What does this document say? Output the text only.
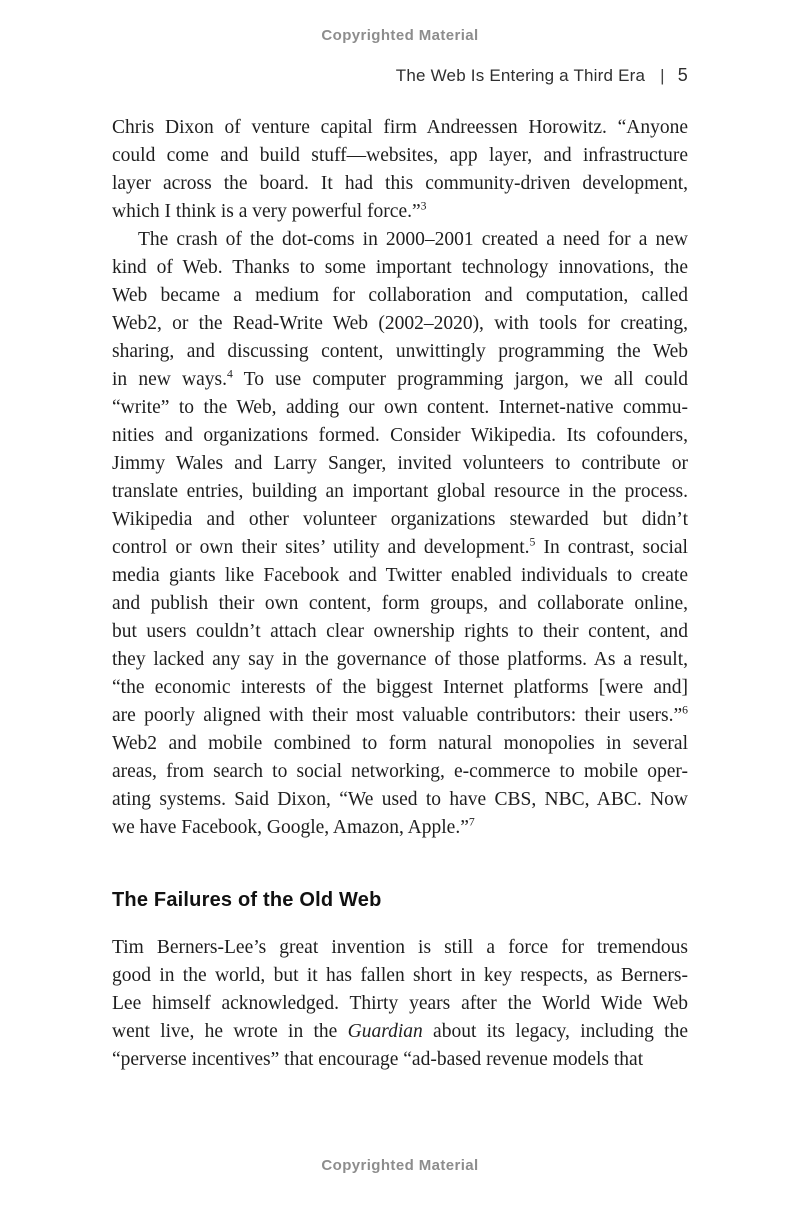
Copyrighted Material
The Web Is Entering a Third Era | 5
Chris Dixon of venture capital firm Andreessen Horowitz. “Anyone
could come and build stuff—websites, app layer, and infrastructure
layer across the board. It had this community-driven development,
which I think is a very powerful force.”$^3$
The crash of the dot-coms in 2000–2001 created a need for a new
kind of Web. Thanks to some important technology innovations, the
Web became a medium for collaboration and computation, called
Web2, or the Read-Write Web (2002–2020), with tools for creating,
sharing, and discussing content, unwittingly programming the Web
in new ways.$^4$ To use computer programming jargon, we all could
“write” to the Web, adding our own content. Internet-native commu-
nities and organizations formed. Consider Wikipedia. Its cofounders,
Jimmy Wales and Larry Sanger, invited volunteers to contribute or
translate entries, building an important global resource in the process.
Wikipedia and other volunteer organizations stewarded but didn’t
control or own their sites’ utility and development.$^5$ In contrast, social
media giants like Facebook and Twitter enabled individuals to create
and publish their own content, form groups, and collaborate online,
but users couldn’t attach clear ownership rights to their content, and
they lacked any say in the governance of those platforms. As a result,
“the economic interests of the biggest Internet platforms [were and]
are poorly aligned with their most valuable contributors: their users.”$^6$
Web2 and mobile combined to form natural monopolies in several
areas, from search to social networking, e-commerce to mobile oper-
ating systems. Said Dixon, “We used to have CBS, NBC, ABC. Now
we have Facebook, Google, Amazon, Apple.”$^7$
The Failures of the Old Web
Tim Berners-Lee’s great invention is still a force for tremendous
good in the world, but it has fallen short in key respects, as Berners-
Lee himself acknowledged. Thirty years after the World Wide Web
went live, he wrote in the Guardian about its legacy, including the
“perverse incentives” that encourage “ad-based revenue models that
Copyrighted Material
